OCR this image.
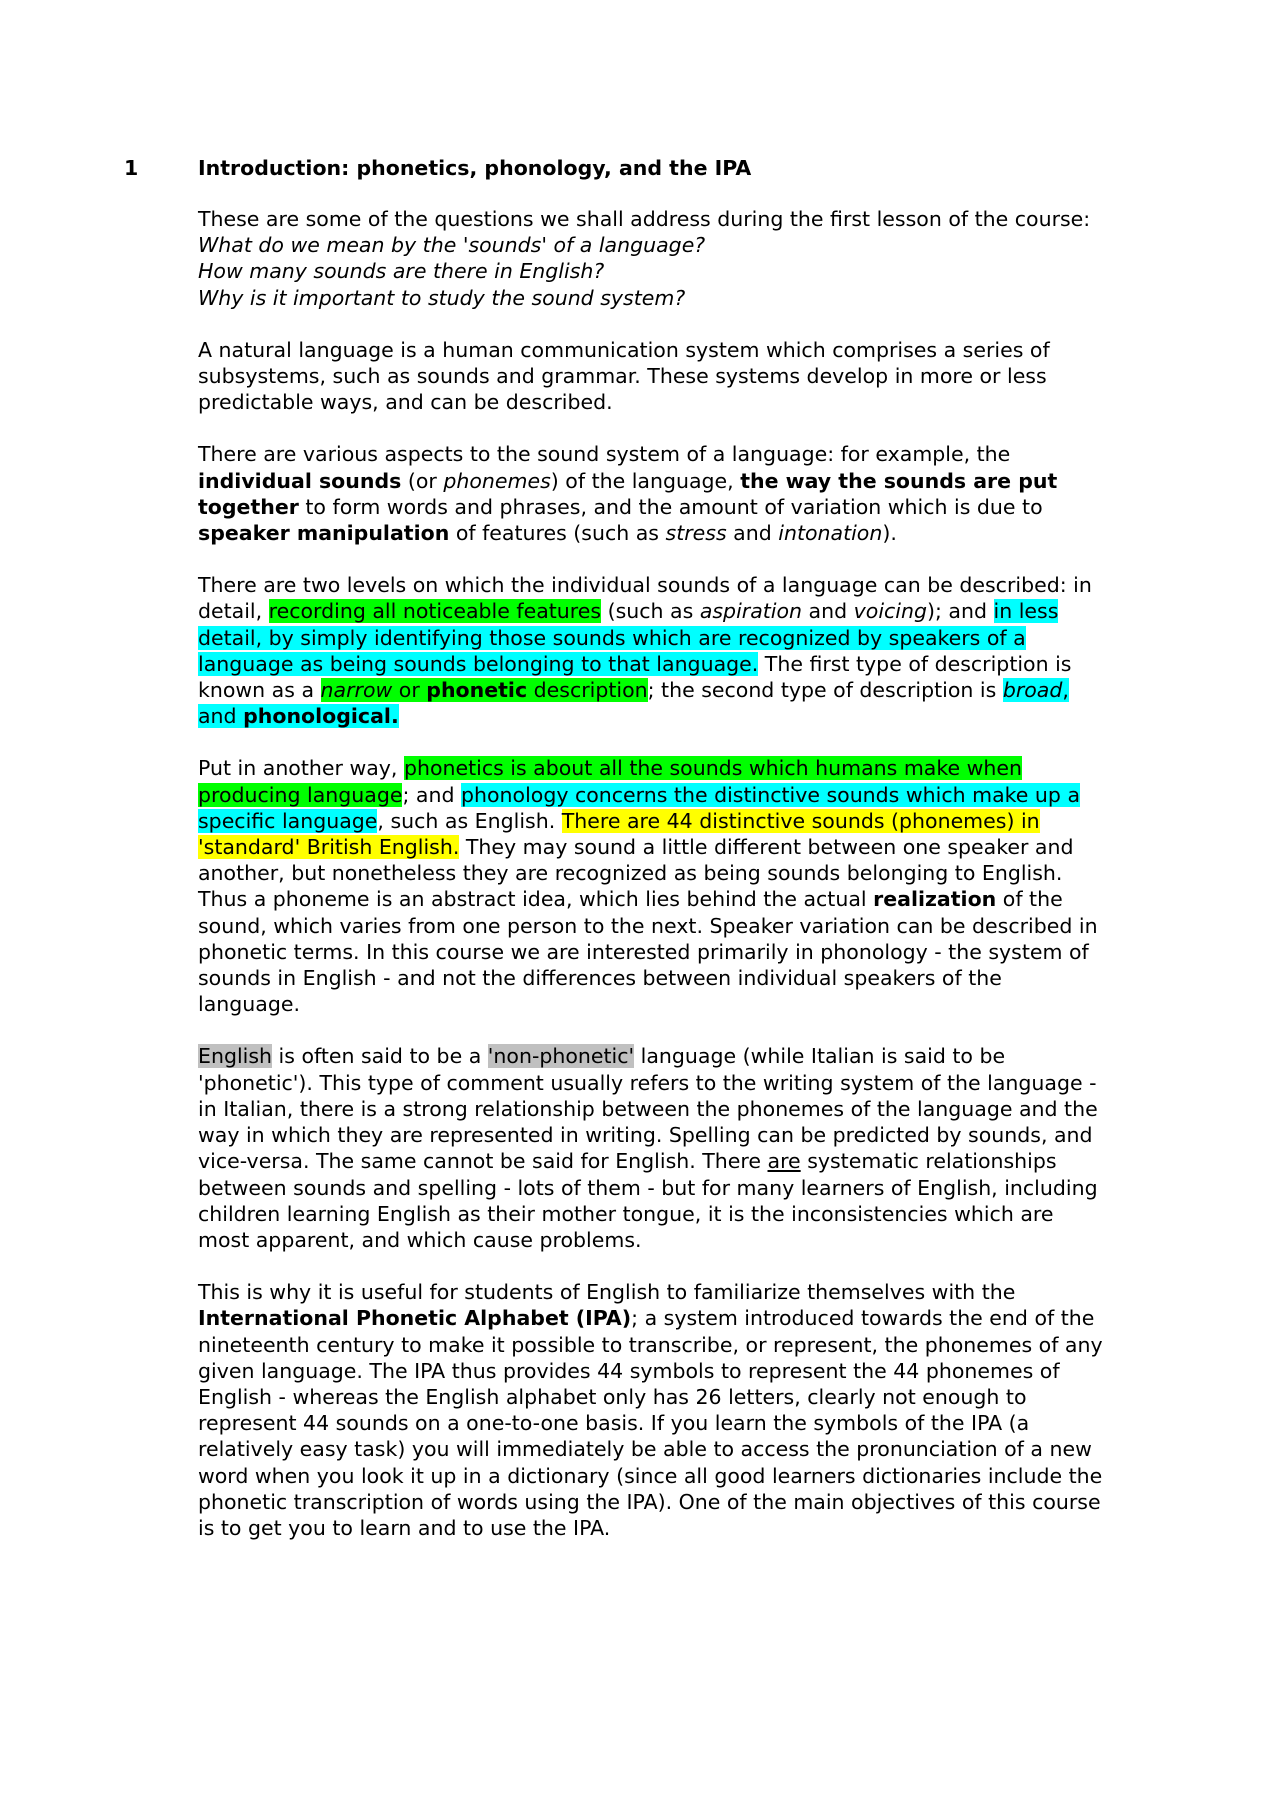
1	Introduction: phonetics, phonology, and the IPA

These are some of the questions we shall address during the first lesson of the course:
What do we mean by the 'sounds' of a language?
How many sounds are there in English?
Why is it important to study the sound system?

A natural language is a human communication system which comprises a series of
subsystems, such as sounds and grammar. These systems develop in more or less
predictable ways, and can be described.

There are various aspects to the sound system of a language: for example, the
individual sounds (or phonemes) of the language, the way the sounds are put
together to form words and phrases, and the amount of variation which is due to
speaker manipulation of features (such as stress and intonation).

There are two levels on which the individual sounds of a language can be described: in
detail, recording all noticeable features (such as aspiration and voicing); and in less
detail, by simply identifying those sounds which are recognized by speakers of a
language as being sounds belonging to that language. The first type of description is
known as a narrow or phonetic description; the second type of description is broad,
and phonological.

Put in another way, phonetics is about all the sounds which humans make when
producing language; and phonology concerns the distinctive sounds which make up a
specific language, such as English. There are 44 distinctive sounds (phonemes) in
'standard' British English. They may sound a little different between one speaker and
another, but nonetheless they are recognized as being sounds belonging to English.
Thus a phoneme is an abstract idea, which lies behind the actual realization of the
sound, which varies from one person to the next. Speaker variation can be described in
phonetic terms. In this course we are interested primarily in phonology - the system of
sounds in English - and not the differences between individual speakers of the
language.

English is often said to be a 'non-phonetic' language (while Italian is said to be
'phonetic'). This type of comment usually refers to the writing system of the language -
in Italian, there is a strong relationship between the phonemes of the language and the
way in which they are represented in writing. Spelling can be predicted by sounds, and
vice-versa. The same cannot be said for English. There are systematic relationships
between sounds and spelling - lots of them - but for many learners of English, including
children learning English as their mother tongue, it is the inconsistencies which are
most apparent, and which cause problems.

This is why it is useful for students of English to familiarize themselves with the
International Phonetic Alphabet (IPA); a system introduced towards the end of the
nineteenth century to make it possible to transcribe, or represent, the phonemes of any
given language. The IPA thus provides 44 symbols to represent the 44 phonemes of
English - whereas the English alphabet only has 26 letters, clearly not enough to
represent 44 sounds on a one-to-one basis. If you learn the symbols of the IPA (a
relatively easy task) you will immediately be able to access the pronunciation of a new
word when you look it up in a dictionary (since all good learners dictionaries include the
phonetic transcription of words using the IPA). One of the main objectives of this course
is to get you to learn and to use the IPA.
